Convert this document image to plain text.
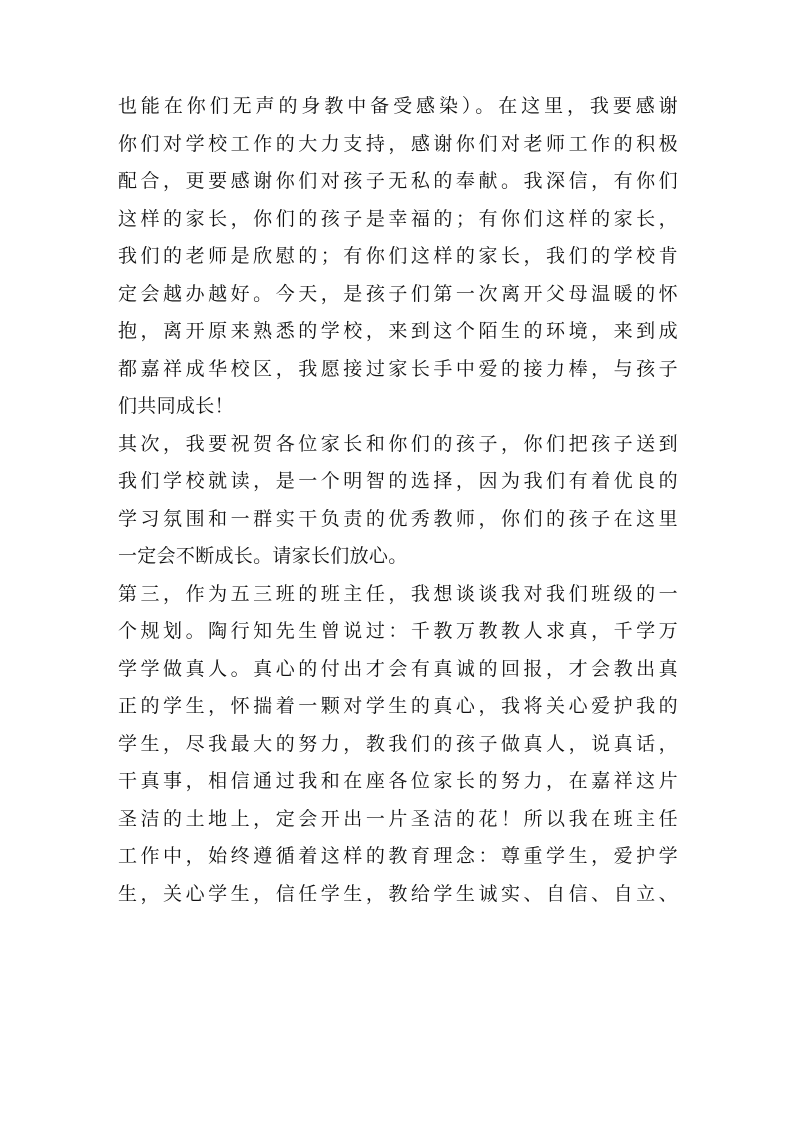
也能在你们无声的身教中备受感染）。在这里，我要感谢
你们对学校工作的大力支持，感谢你们对老师工作的积极
配合，更要感谢你们对孩子无私的奉献。我深信，有你们
这样的家长，你们的孩子是幸福的；有你们这样的家长，
我们的老师是欣慰的；有你们这样的家长，我们的学校肯
定会越办越好。今天，是孩子们第一次离开父母温暖的怀
抱，离开原来熟悉的学校，来到这个陌生的环境，来到成
都嘉祥成华校区，我愿接过家长手中爱的接力棒，与孩子
们共同成长！
其次，我要祝贺各位家长和你们的孩子，你们把孩子送到
我们学校就读，是一个明智的选择，因为我们有着优良的
学习氛围和一群实干负责的优秀教师，你们的孩子在这里
一定会不断成长。请家长们放心。
第三，作为五三班的班主任，我想谈谈我对我们班级的一
个规划。陶行知先生曾说过：千教万教教人求真，千学万
学学做真人。真心的付出才会有真诚的回报，才会教出真
正的学生，怀揣着一颗对学生的真心，我将关心爱护我的
学生，尽我最大的努力，教我们的孩子做真人，说真话，
干真事，相信通过我和在座各位家长的努力，在嘉祥这片
圣洁的土地上，定会开出一片圣洁的花！所以我在班主任
工作中，始终遵循着这样的教育理念：尊重学生，爱护学
生，关心学生，信任学生，教给学生诚实、自信、自立、
